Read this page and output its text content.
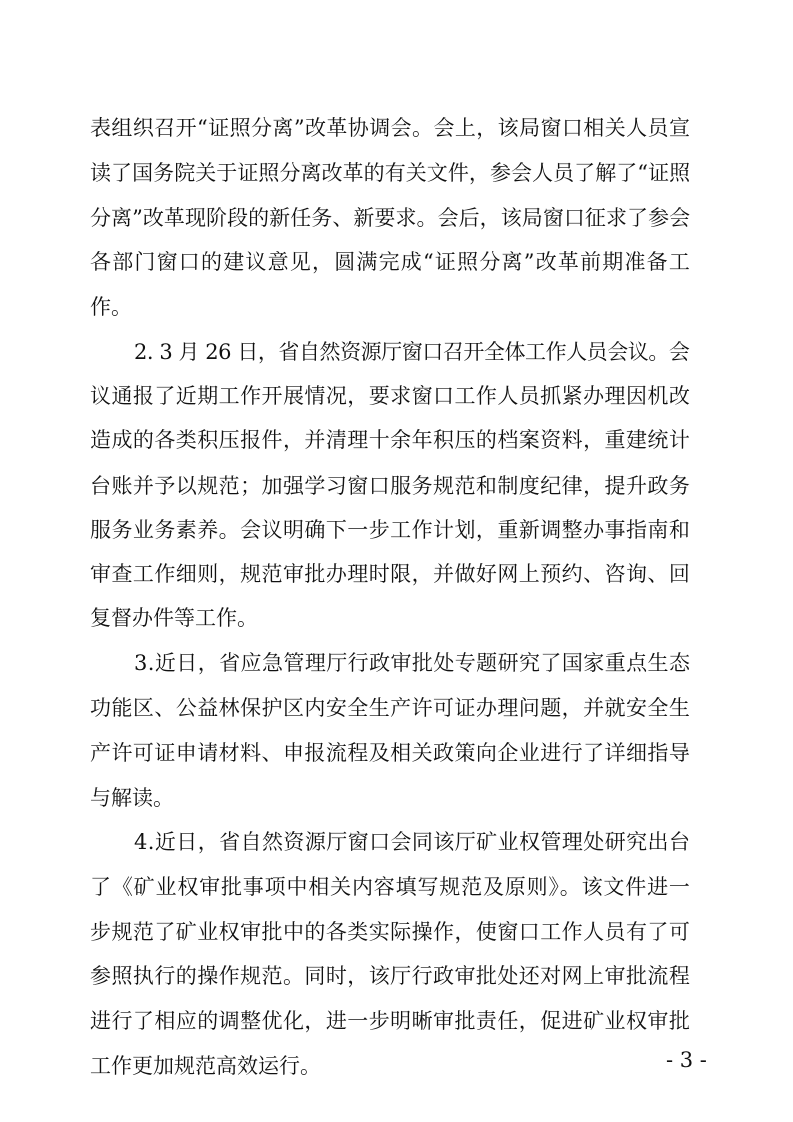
表组织召开“证照分离”改革协调会。会上，该局窗口相关人员宣
读了国务院关于证照分离改革的有关文件，参会人员了解了“证照
分离”改革现阶段的新任务、新要求。会后，该局窗口征求了参会
各部门窗口的建议意见，圆满完成“证照分离”改革前期准备工
作。
2. 3 月 26 日，省自然资源厅窗口召开全体工作人员会议。会
议通报了近期工作开展情况，要求窗口工作人员抓紧办理因机改
造成的各类积压报件，并清理十余年积压的档案资料，重建统计
台账并予以规范；加强学习窗口服务规范和制度纪律，提升政务
服务业务素养。会议明确下一步工作计划，重新调整办事指南和
审查工作细则，规范审批办理时限，并做好网上预约、咨询、回
复督办件等工作。
3.近日，省应急管理厅行政审批处专题研究了国家重点生态
功能区、公益林保护区内安全生产许可证办理问题，并就安全生
产许可证申请材料、申报流程及相关政策向企业进行了详细指导
与解读。
4.近日，省自然资源厅窗口会同该厅矿业权管理处研究出台
了《矿业权审批事项中相关内容填写规范及原则》。该文件进一
步规范了矿业权审批中的各类实际操作，使窗口工作人员有了可
参照执行的操作规范。同时，该厅行政审批处还对网上审批流程
进行了相应的调整优化，进一步明晰审批责任，促进矿业权审批
工作更加规范高效运行。	- 3 -
